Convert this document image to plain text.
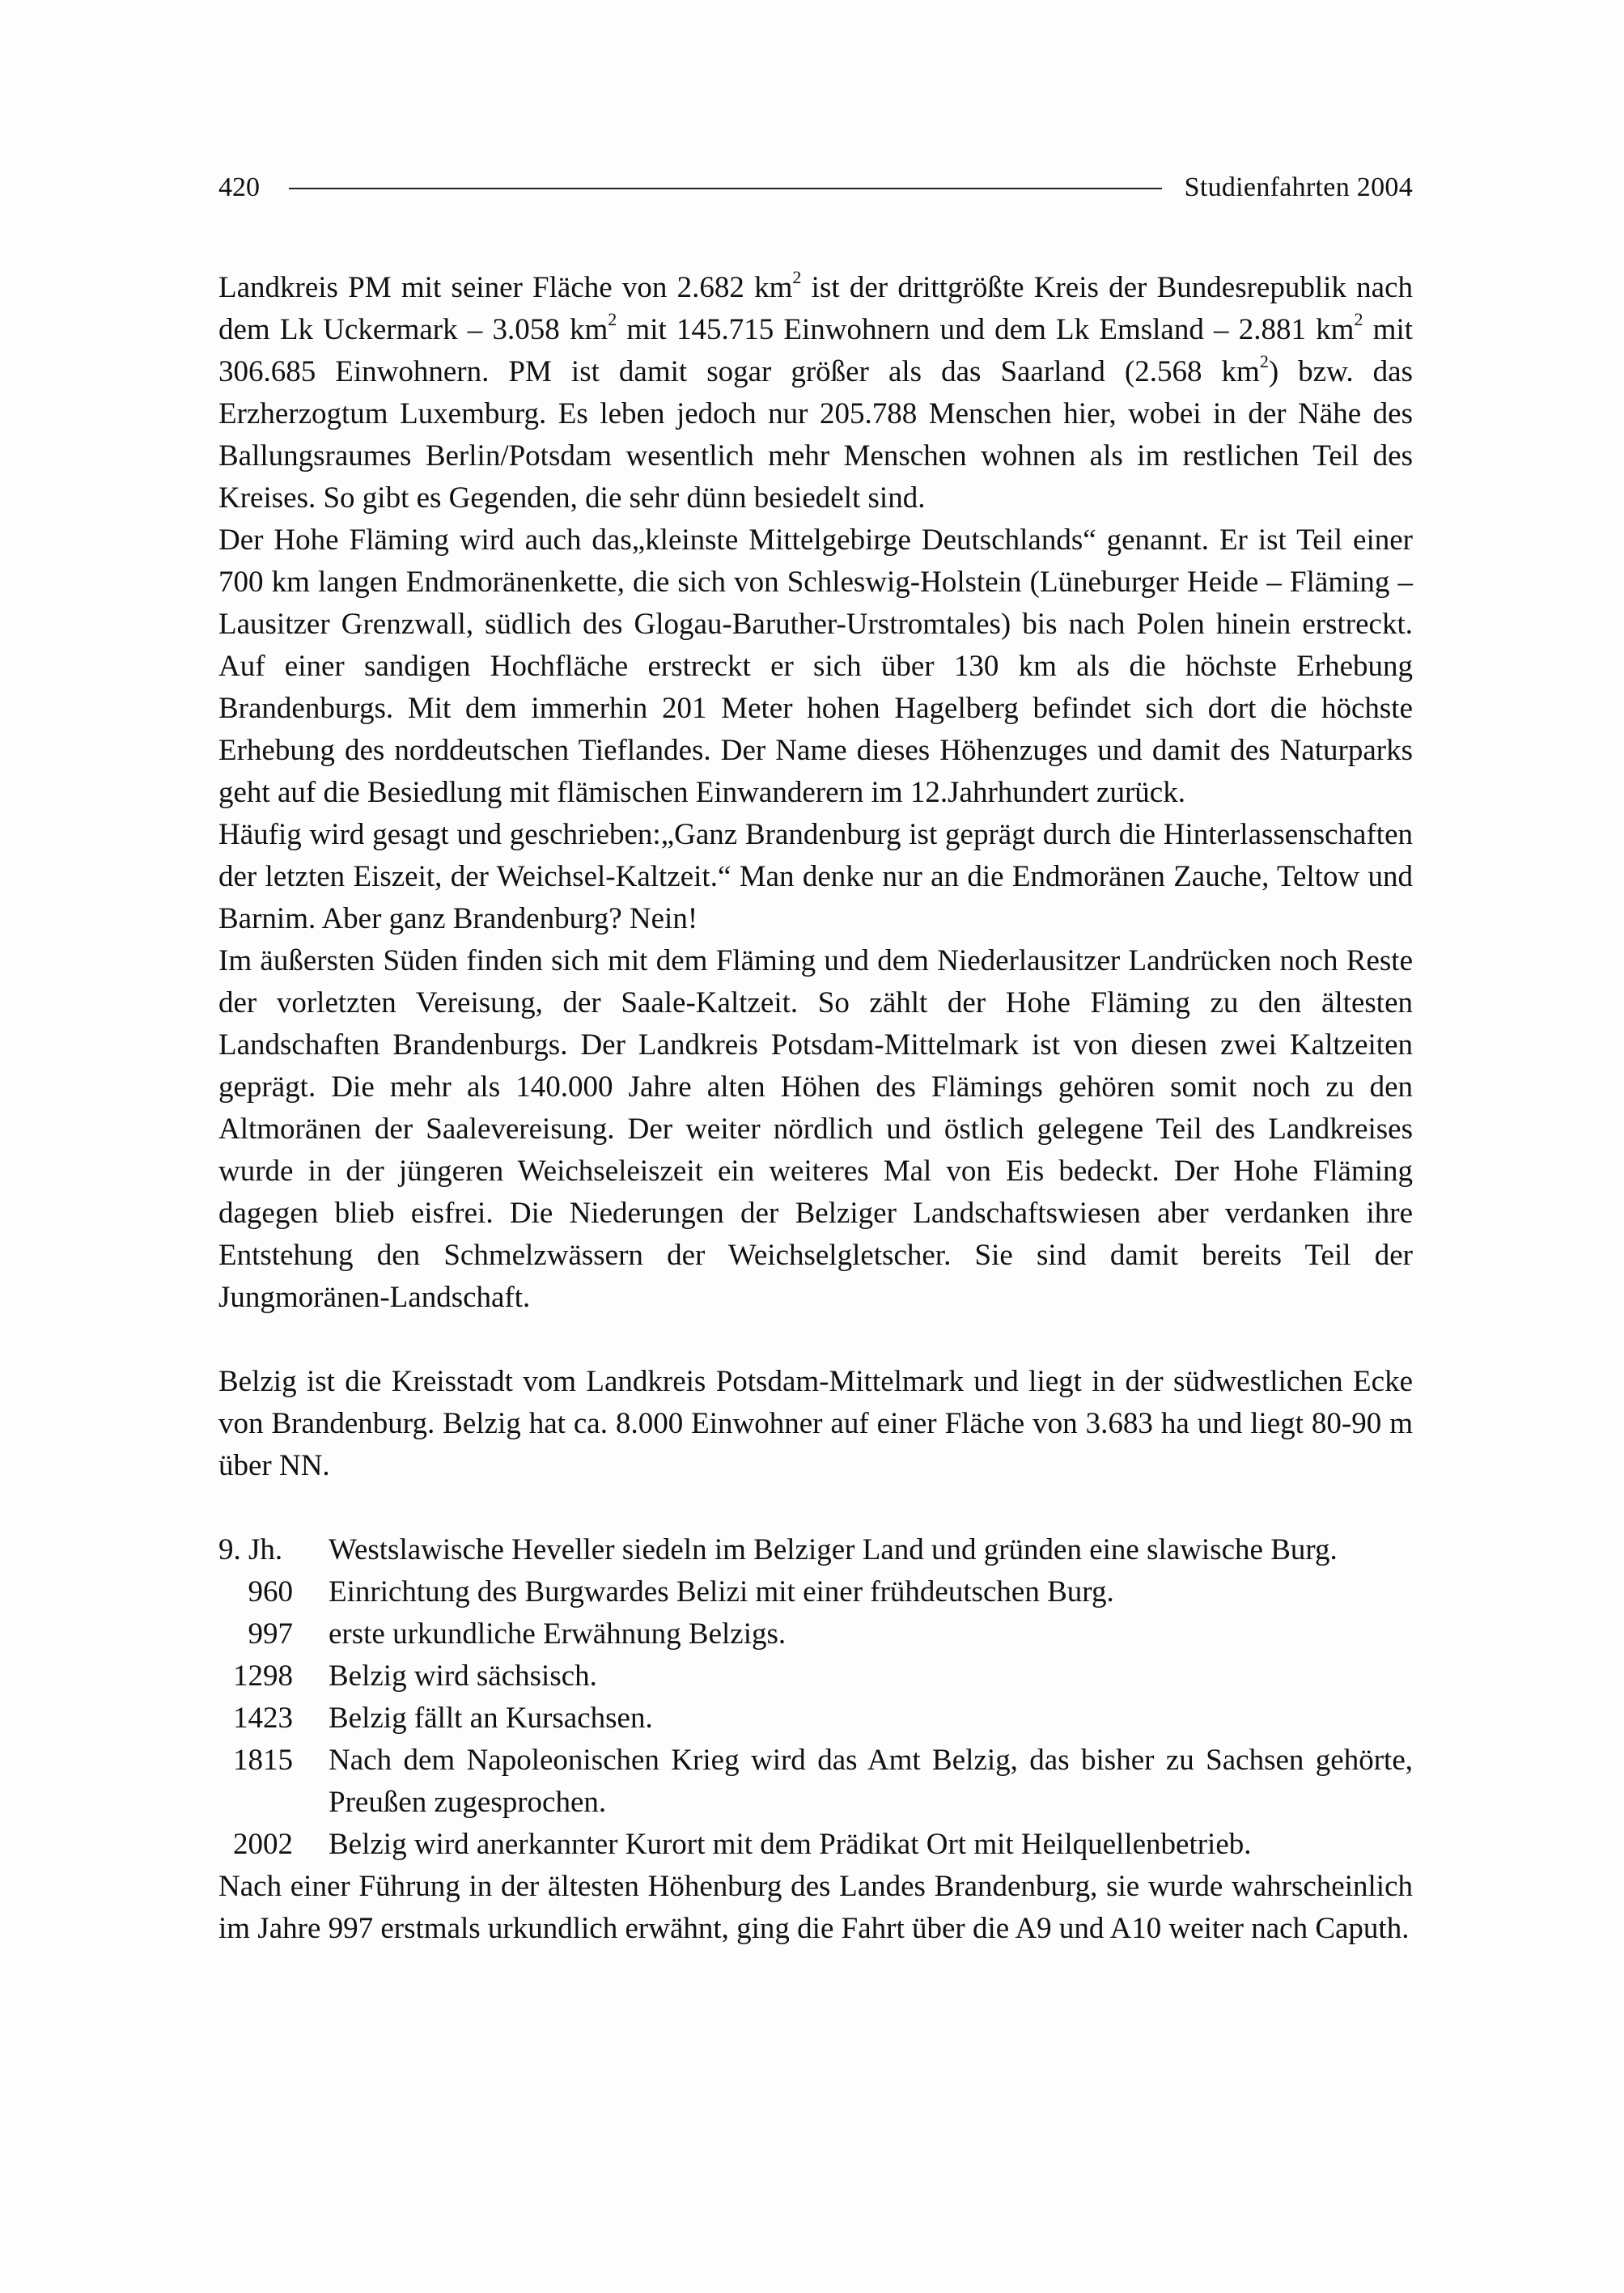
420	Studienfahrten 2004

Landkreis PM mit seiner Fläche von 2.682 $km^2$ ist der drittgrößte Kreis der Bundesrepublik nach dem Lk Uckermark – 3.058 $km^2$ mit 145.715 Einwohnern und dem Lk Emsland – 2.881 $km^2$ mit 306.685 Einwohnern. PM ist damit sogar größer als das Saarland (2.568 $km^2$) bzw. das Erzherzogtum Luxemburg. Es leben jedoch nur 205.788 Menschen hier, wobei in der Nähe des Ballungsraumes Berlin/Potsdam wesentlich mehr Menschen wohnen als im restlichen Teil des Kreises. So gibt es Gegenden, die sehr dünn besiedelt sind.

Der Hohe Fläming wird auch das„kleinste Mittelgebirge Deutschlands“ genannt. Er ist Teil einer 700 km langen Endmoränenkette, die sich von Schleswig-Holstein (Lüneburger Heide – Fläming – Lausitzer Grenzwall, südlich des Glogau-Baruther-Urstromtales) bis nach Polen hinein erstreckt. Auf einer sandigen Hochfläche erstreckt er sich über 130 km als die höchste Erhebung Brandenburgs. Mit dem immerhin 201 Meter hohen Hagelberg befindet sich dort die höchste Erhebung des norddeutschen Tieflandes. Der Name dieses Höhenzuges und damit des Naturparks geht auf die Besiedlung mit flämischen Einwanderern im 12.Jahrhundert zurück.

Häufig wird gesagt und geschrieben:„Ganz Brandenburg ist geprägt durch die Hinterlassenschaften der letzten Eiszeit, der Weichsel-Kaltzeit.“ Man denke nur an die Endmoränen Zauche, Teltow und Barnim. Aber ganz Brandenburg? Nein!

Im äußersten Süden finden sich mit dem Fläming und dem Niederlausitzer Landrücken noch Reste der vorletzten Vereisung, der Saale-Kaltzeit. So zählt der Hohe Fläming zu den ältesten Landschaften Brandenburgs. Der Landkreis Potsdam-Mittelmark ist von diesen zwei Kaltzeiten geprägt. Die mehr als 140.000 Jahre alten Höhen des Flämings gehören somit noch zu den Altmoränen der Saalevereisung. Der weiter nördlich und östlich gelegene Teil des Landkreises wurde in der jüngeren Weichseleiszeit ein weiteres Mal von Eis bedeckt. Der Hohe Fläming dagegen blieb eisfrei. Die Niederungen der Belziger Landschaftswiesen aber verdanken ihre Entstehung den Schmelzwässern der Weichselgletscher. Sie sind damit bereits Teil der Jungmoränen-Landschaft.

Belzig ist die Kreisstadt vom Landkreis Potsdam-Mittelmark und liegt in der südwestlichen Ecke von Brandenburg. Belzig hat ca. 8.000 Einwohner auf einer Fläche von 3.683 ha und liegt 80-90 m über NN.

9. Jh.	Westslawische Heveller siedeln im Belziger Land und gründen eine slawische Burg.
960 Einrichtung des Burgwardes Belizi mit einer frühdeutschen Burg.
997 erste urkundliche Erwähnung Belzigs.
1298 Belzig wird sächsisch.
1423 Belzig fällt an Kursachsen.
1815 Nach dem Napoleonischen Krieg wird das Amt Belzig, das bisher zu Sachsen gehörte, Preußen zugesprochen.
2002 Belzig wird anerkannter Kurort mit dem Prädikat Ort mit Heilquellenbetrieb.

Nach einer Führung in der ältesten Höhenburg des Landes Brandenburg, sie wurde wahrscheinlich im Jahre 997 erstmals urkundlich erwähnt, ging die Fahrt über die A9 und A10 weiter nach Caputh.
